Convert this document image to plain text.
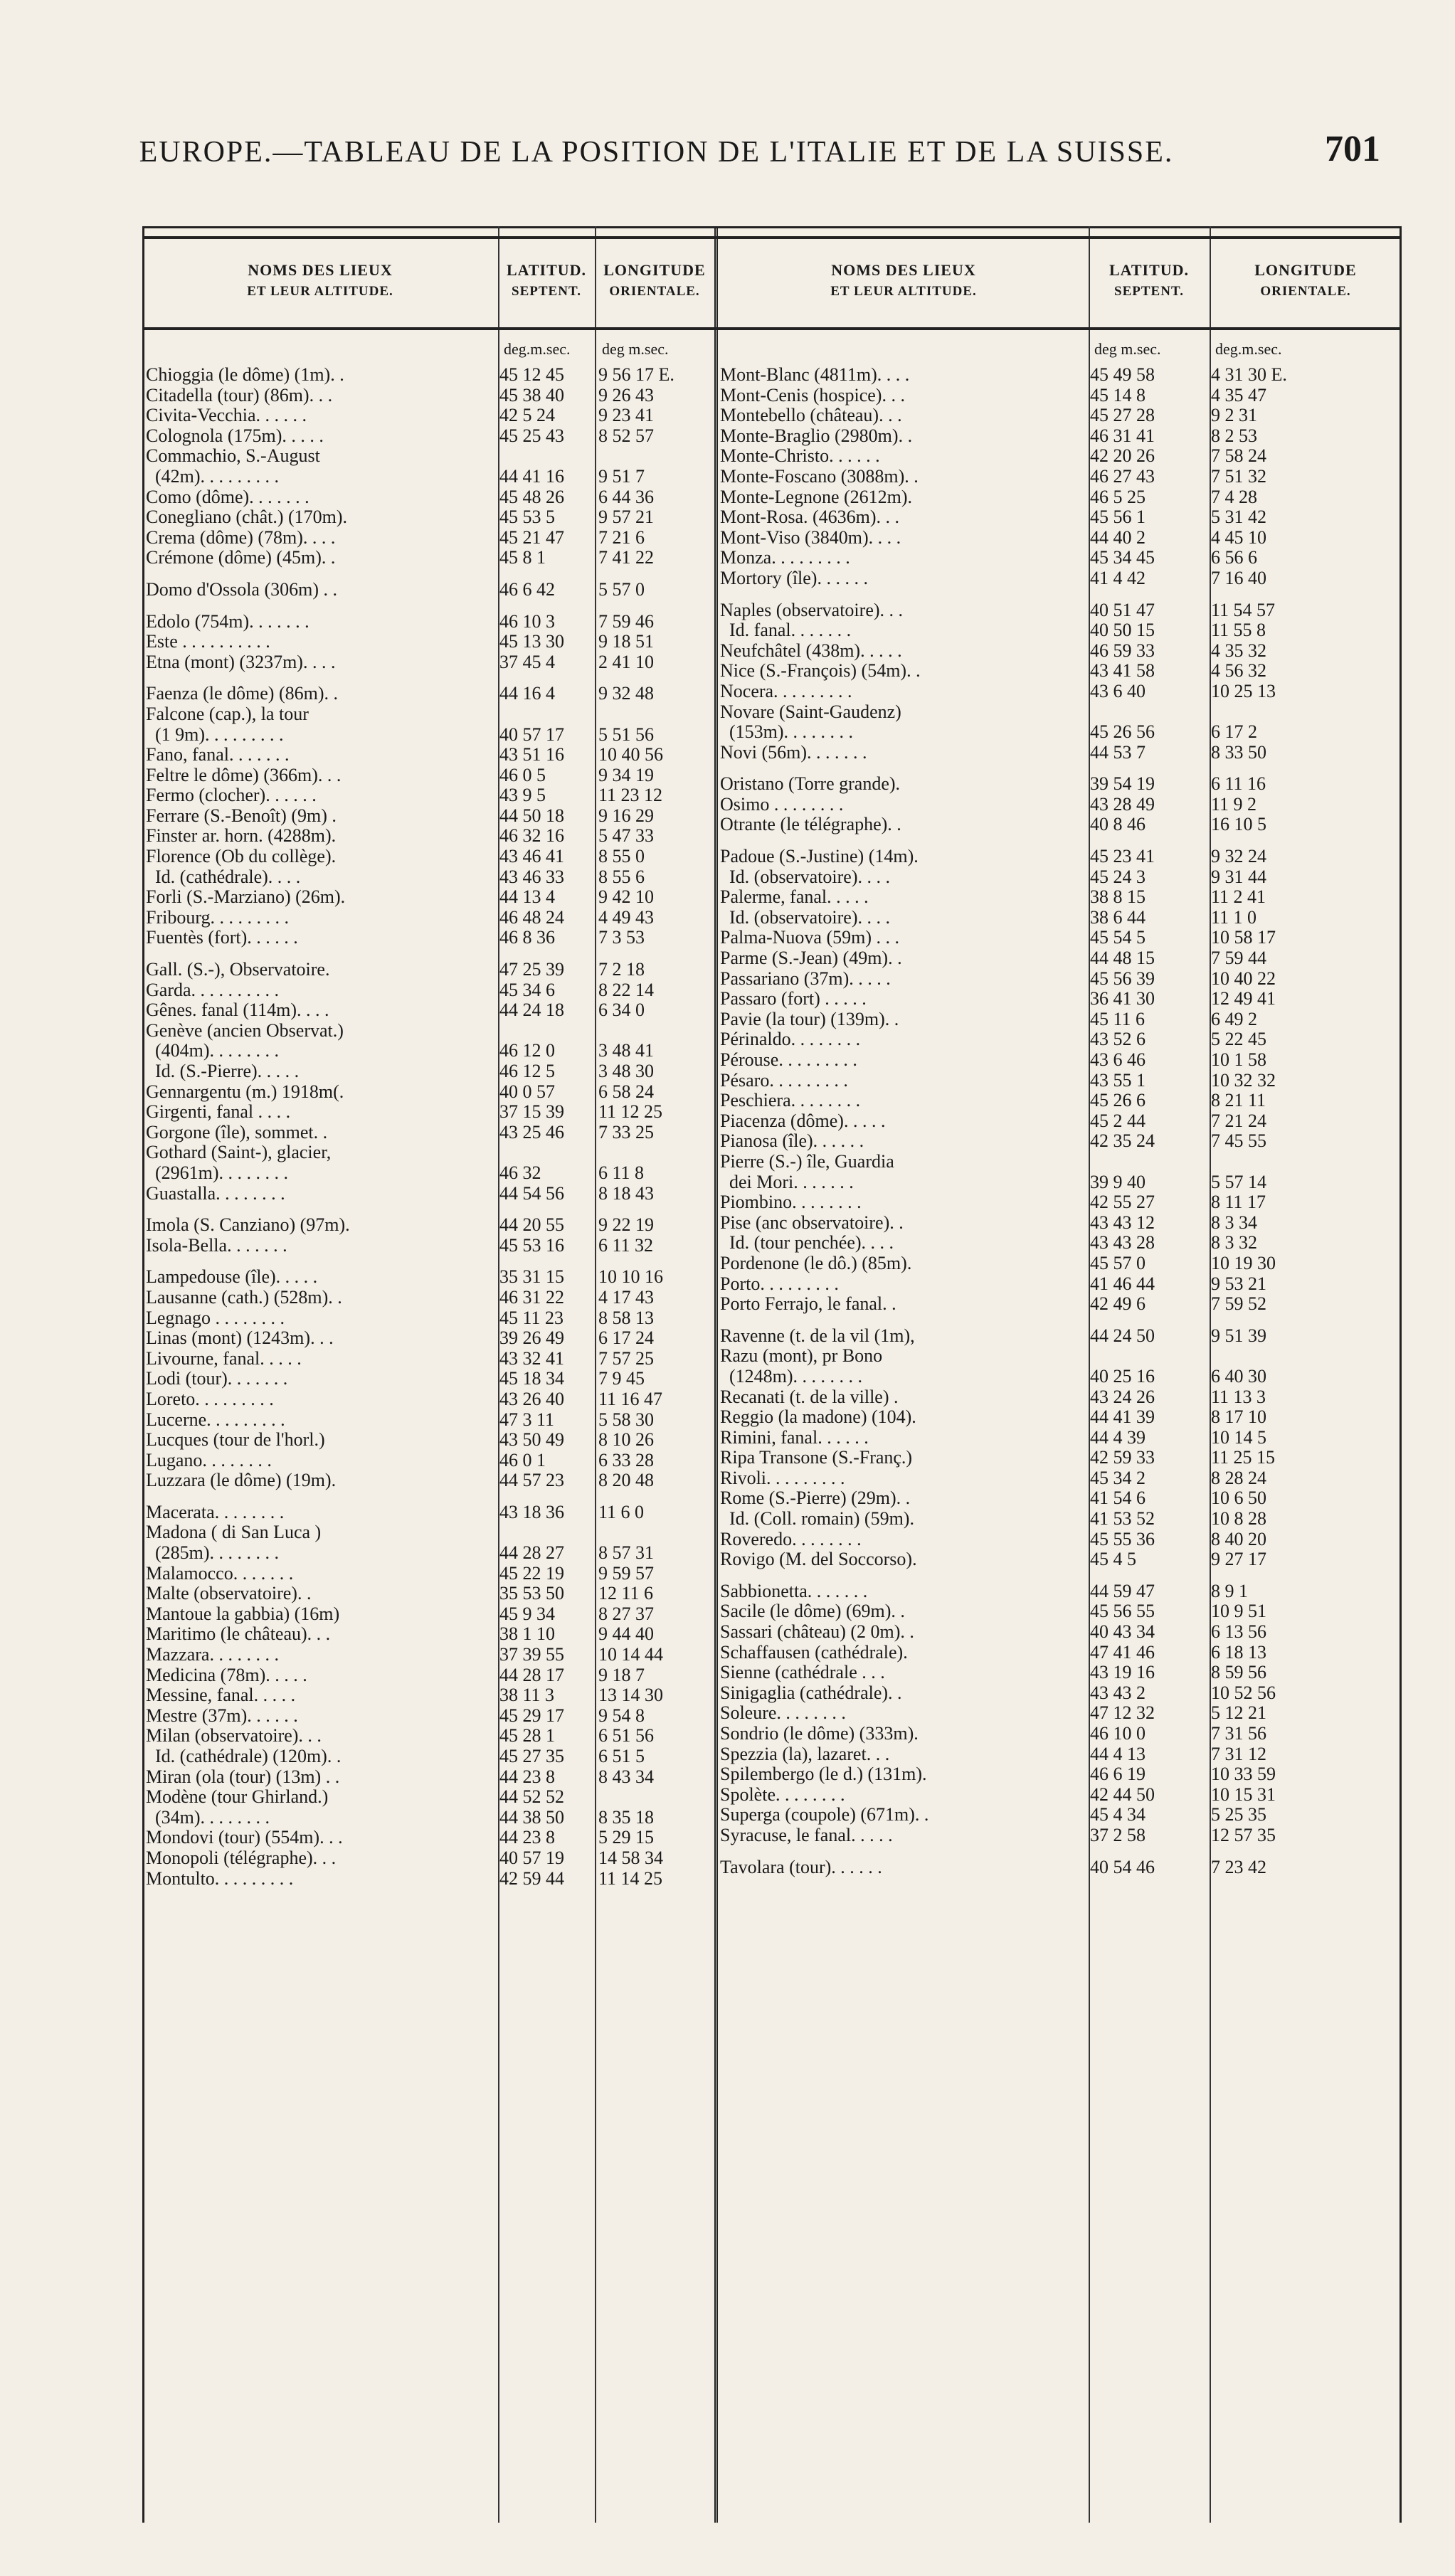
EUROPE.—TABLEAU DE LA POSITION DE L'ITALIE ET DE LA SUISSE.	701
NOMS DES LIEUX
ET LEUR ALTITUDE.
LATITUD.
SEPTENT.
LONGITUDE
ORIENTALE.
NOMS DES LIEUX
ET LEUR ALTITUDE.
LATITUD.
SEPTENT.
LONGITUDE
ORIENTALE.
deg.m.sec. deg m.sec.	deg m.sec.	deg.m.sec.
Chioggia (le dôme) (1m). .	45 12 45 9 56 17 E.
Citadella (tour) (86m). . .	45 38 40 9 26 43
Civita-Vecchia. . . . . .	42 5 24 9 23 41
Colognola (175m). . . . .	45 25 43 8 52 57
Commachio, S.-August
(42m). . . . . . . . .	44 41 16 9 51 7
Como (dôme). . . . . . .	45 48 26 6 44 36
Conegliano (chât.) (170m).	45 53 5 9 57 21
Crema (dôme) (78m). . . .	45 21 47 7 21 6
Crémone (dôme) (45m). .	45 8 1	7 41 22
Domo d'Ossola (306m) . .	46 6 42 5 57 0
Edolo (754m). . . . . . .	46 10 3 7 59 46
Este . . . . . . . . . .	45 13 30 9 18 51
Etna (mont) (3237m). . . .	37 45 4 2 41 10
Faenza (le dôme) (86m). .	44 16 4 9 32 48
Falcone (cap.), la tour
(1 9m). . . . . . . . .	40 57 17 5 51 56
Fano, fanal. . . . . . .	43 51 16 10 40 56
Feltre le dôme) (366m). . .	46 0 5	9 34 19
Fermo (clocher). . . . . .	43 9 5	11 23 12
Ferrare (S.-Benoît) (9m) .	44 50 18 9 16 29
Finster ar. horn. (4288m).	46 32 16 5 47 33
Florence (Ob du collège).	43 46 41 8 55 0
Id. (cathédrale). . . .	43 46 33 8 55 6
Forli (S.-Marziano) (26m).	44 13 4 9 42 10
Fribourg. . . . . . . . .	46 48 24 4 49 43
Fuentès (fort). . . . . .	46 8 36 7 3 53
Gall. (S.-), Observatoire.	47 25 39 7 2 18
Garda. . . . . . . . . .	45 34 6 8 22 14
Gênes. fanal (114m). . . .	44 24 18 6 34 0
Genève (ancien Observat.)
(404m). . . . . . . .	46 12 0 3 48 41
Id. (S.-Pierre). . . . .	46 12 5 3 48 30
Gennargentu (m.) 1918m(.	40 0 57 6 58 24
Girgenti, fanal . . . .	37 15 39 11 12 25
Gorgone (île), sommet. .	43 25 46 7 33 25
Gothard (Saint-), glacier,
(2961m). . . . . . . .	46 32	6 11 8
Guastalla. . . . . . . .	44 54 56 8 18 43
Imola (S. Canziano) (97m).	44 20 55 9 22 19
Isola-Bella. . . . . . .	45 53 16 6 11 32
Lampedouse (île). . . . .	35 31 15 10 10 16
Lausanne (cath.) (528m). .	46 31 22 4 17 43
Legnago . . . . . . . .	45 11 23 8 58 13
Linas (mont) (1243m). . .	39 26 49 6 17 24
Livourne, fanal. . . . .	43 32 41 7 57 25
Lodi (tour). . . . . . .	45 18 34 7 9 45
Loreto. . . . . . . . .	43 26 40 11 16 47
Lucerne. . . . . . . . .	47 3 11 5 58 30
Lucques (tour de l'horl.)	43 50 49 8 10 26
Lugano. . . . . . . .	46 0 1	6 33 28
Luzzara (le dôme) (19m).	44 57 23 8 20 48
Macerata. . . . . . . .	43 18 36 11 6 0
Madona ( di San Luca )
(285m). . . . . . . .	44 28 27 8 57 31
Malamocco. . . . . . .	45 22 19 9 59 57
Malte (observatoire). .	35 53 50 12 11 6
Mantoue la gabbia) (16m)	45 9 34 8 27 37
Maritimo (le château). . .	38 1 10 9 44 40
Mazzara. . . . . . . .	37 39 55 10 14 44
Medicina (78m). . . . .	44 28 17 9 18 7
Messine, fanal. . . . .	38 11 3 13 14 30
Mestre (37m). . . . . .	45 29 17 9 54 8
Milan (observatoire). . .	45 28 1 6 51 56
Id. (cathédrale) (120m). .	45 27 35 6 51 5
Miran (ola (tour) (13m) . .	44 23 8 8 43 34
Modène (tour Ghirland.)	44 52 52
(34m). . . . . . . .	44 38 50 8 35 18
Mondovi (tour) (554m). . .	44 23 8 5 29 15
Monopoli (télégraphe). . .	40 57 19 14 58 34
Montulto. . . . . . . . .	42 59 44 11 14 25
Mont-Blanc (4811m). . . .	45 49 58	4 31 30 E.
Mont-Cenis (hospice). . .	45 14 8	4 35 47
Montebello (château). . .	45 27 28	9 2 31
Monte-Braglio (2980m). .	46 31 41	8 2 53
Monte-Christo. . . . . .	42 20 26	7 58 24
Monte-Foscano (3088m). .	46 27 43	7 51 32
Monte-Legnone (2612m).	46 5 25	7 4 28
Mont-Rosa. (4636m). . .	45 56 1	5 31 42
Mont-Viso (3840m). . . .	44 40 2	4 45 10
Monza. . . . . . . . .	45 34 45	6 56 6
Mortory (île). . . . . .	41 4 42	7 16 40
Naples (observatoire). . .	40 51 47	11 54 57
Id. fanal. . . . . . .	40 50 15	11 55 8
Neufchâtel (438m). . . . .	46 59 33	4 35 32
Nice (S.-François) (54m). .	43 41 58	4 56 32
Nocera. . . . . . . . .	43 6 40	10 25 13
Novare (Saint-Gaudenz)
(153m). . . . . . . .	45 26 56	6 17 2
Novi (56m). . . . . . .	44 53 7	8 33 50
Oristano (Torre grande).	39 54 19	6 11 16
Osimo . . . . . . . .	43 28 49	11 9 2
Otrante (le télégraphe). .	40 8 46	16 10 5
Padoue (S.-Justine) (14m).	45 23 41	9 32 24
Id. (observatoire). . . .	45 24 3	9 31 44
Palerme, fanal. . . . .	38 8 15	11 2 41
Id. (observatoire). . . .	38 6 44	11 1 0
Palma-Nuova (59m) . . .	45 54 5	10 58 17
Parme (S.-Jean) (49m). .	44 48 15	7 59 44
Passariano (37m). . . . .	45 56 39	10 40 22
Passaro (fort) . . . . .	36 41 30	12 49 41
Pavie (la tour) (139m). .	45 11 6	6 49 2
Périnaldo. . . . . . . .	43 52 6	5 22 45
Pérouse. . . . . . . . .	43 6 46	10 1 58
Pésaro. . . . . . . . .	43 55 1	10 32 32
Peschiera. . . . . . . .	45 26 6	8 21 11
Piacenza (dôme). . . . .	45 2 44	7 21 24
Pianosa (île). . . . . .	42 35 24	7 45 55
Pierre (S.-) île, Guardia
dei Mori. . . . . . .	39 9 40	5 57 14
Piombino. . . . . . . .	42 55 27	8 11 17
Pise (anc observatoire). .	43 43 12	8 3 34
Id. (tour penchée). . . .	43 43 28	8 3 32
Pordenone (le dô.) (85m).	45 57 0	10 19 30
Porto. . . . . . . . .	41 46 44	9 53 21
Porto Ferrajo, le fanal. .	42 49 6	7 59 52
Ravenne (t. de la vil (1m),	44 24 50	9 51 39
Razu (mont), pr Bono
(1248m). . . . . . . .	40 25 16	6 40 30
Recanati (t. de la ville) .	43 24 26	11 13 3
Reggio (la madone) (104).	44 41 39	8 17 10
Rimini, fanal. . . . . .	44 4 39	10 14 5
Ripa Transone (S.-Franç.)	42 59 33	11 25 15
Rivoli. . . . . . . . .	45 34 2	8 28 24
Rome (S.-Pierre) (29m). .	41 54 6	10 6 50
Id. (Coll. romain) (59m).	41 53 52	10 8 28
Roveredo. . . . . . . .	45 55 36	8 40 20
Rovigo (M. del Soccorso).	45 4 5	9 27 17
Sabbionetta. . . . . . .	44 59 47	8 9 1
Sacile (le dôme) (69m). .	45 56 55	10 9 51
Sassari (château) (2 0m). .	40 43 34	6 13 56
Schaffausen (cathédrale).	47 41 46	6 18 13
Sienne (cathédrale . . .	43 19 16	8 59 56
Sinigaglia (cathédrale). .	43 43 2	10 52 56
Soleure. . . . . . . .	47 12 32	5 12 21
Sondrio (le dôme) (333m).	46 10 0	7 31 56
Spezzia (la), lazaret. . .	44 4 13	7 31 12
Spilembergo (le d.) (131m).	46 6 19	10 33 59
Spolète. . . . . . . .	42 44 50	10 15 31
Superga (coupole) (671m). .	45 4 34	5 25 35
Syracuse, le fanal. . . . .	37 2 58	12 57 35
Tavolara (tour). . . . . .	40 54 46	7 23 42
